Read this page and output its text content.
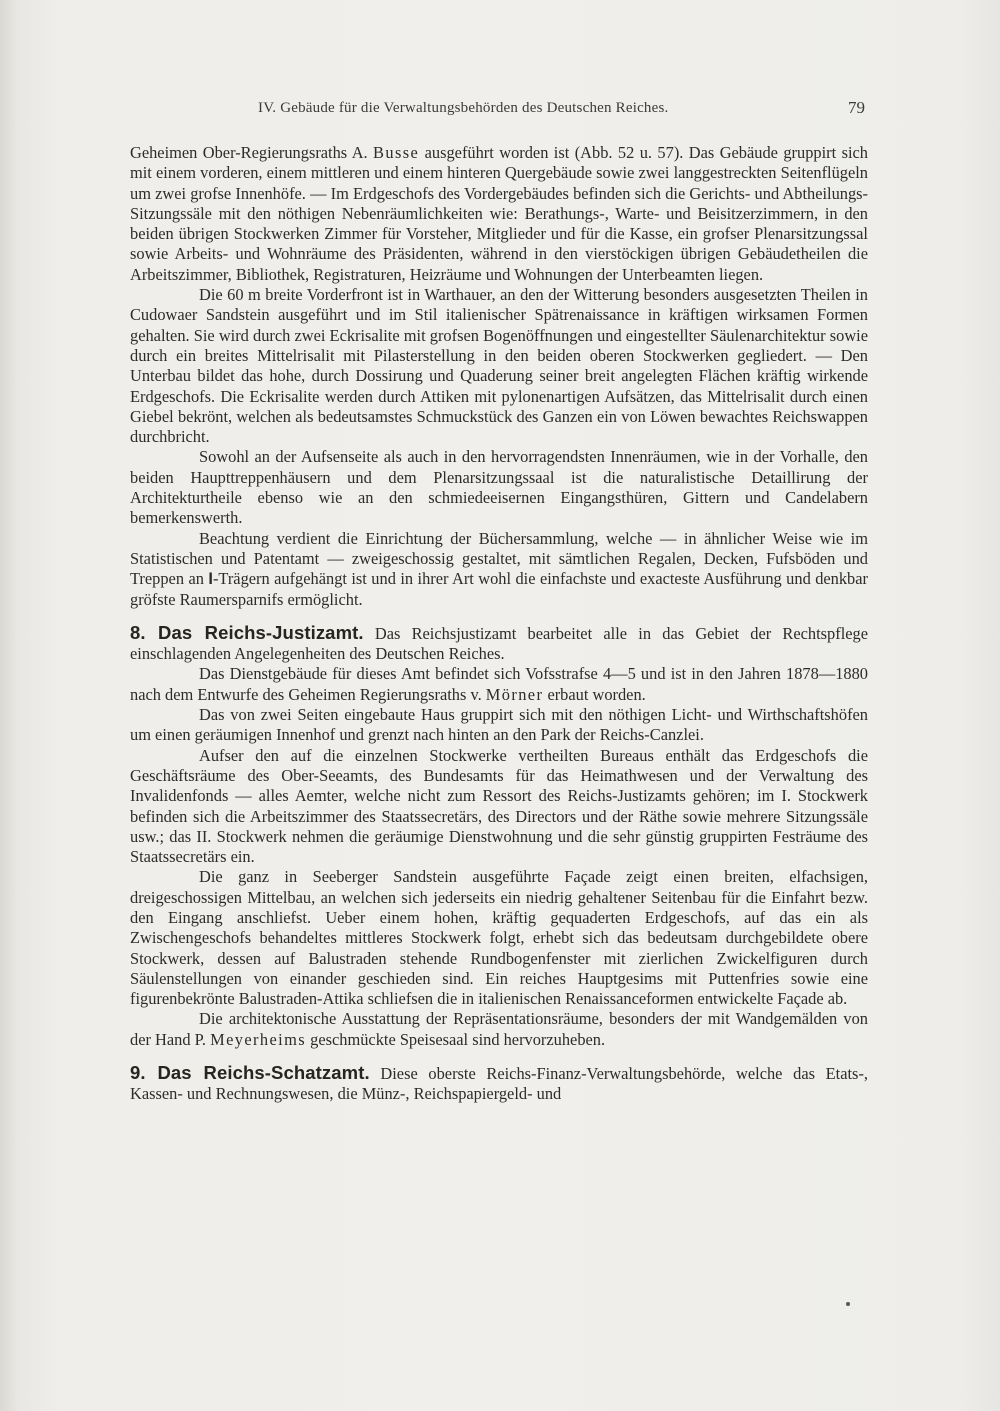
IV. Gebäude für die Verwaltungsbehörden des Deutschen Reiches.	79

Geheimen Ober-Regierungsraths A. Busse ausgeführt worden ist (Abb. 52 u. 57). Das Gebäude gruppirt sich mit einem vorderen, einem mittleren und einem hinteren Quergebäude sowie zwei langgestreckten Seitenflügeln um zwei grofse Innenhöfe. — Im Erdgeschofs des Vordergebäudes befinden sich die Gerichts- und Abtheilungs-Sitzungssäle mit den nöthigen Nebenräumlichkeiten wie: Berathungs-, Warte- und Beisitzerzimmern, in den beiden übrigen Stockwerken Zimmer für Vorsteher, Mitglieder und für die Kasse, ein grofser Plenarsitzungssal sowie Arbeits- und Wohnräume des Präsidenten, während in den vierstöckigen übrigen Gebäudetheilen die Arbeitszimmer, Bibliothek, Registraturen, Heizräume und Wohnungen der Unterbeamten liegen.

Die 60 m breite Vorderfront ist in Warthauer, an den der Witterung besonders ausgesetzten Theilen in Cudowaer Sandstein ausgeführt und im Stil italienischer Spätrenaissance in kräftigen wirksamen Formen gehalten. Sie wird durch zwei Eckrisalite mit grofsen Bogenöffnungen und eingestellter Säulenarchitektur sowie durch ein breites Mittelrisalit mit Pilasterstellung in den beiden oberen Stockwerken gegliedert. — Den Unterbau bildet das hohe, durch Dossirung und Quaderung seiner breit angelegten Flächen kräftig wirkende Erdgeschofs. Die Eckrisalite werden durch Attiken mit pylonenartigen Aufsätzen, das Mittelrisalit durch einen Giebel bekrönt, welchen als bedeutsamstes Schmuckstück des Ganzen ein von Löwen bewachtes Reichswappen durchbricht.

Sowohl an der Aufsenseite als auch in den hervorragendsten Innenräumen, wie in der Vorhalle, den beiden Haupttreppenhäusern und dem Plenarsitzungssaal ist die naturalistische Detaillirung der Architekturtheile ebenso wie an den schmiedeeisernen Eingangsthüren, Gittern und Candelabern bemerkenswerth.

Beachtung verdient die Einrichtung der Büchersammlung, welche — in ähnlicher Weise wie im Statistischen und Patentamt — zweigeschossig gestaltet, mit sämtlichen Regalen, Decken, Fufsböden und Treppen an I-Trägern aufgehängt ist und in ihrer Art wohl die einfachste und exacteste Ausführung und denkbar gröfste Raumersparnifs ermöglicht.

8. Das Reichs-Justizamt. Das Reichsjustizamt bearbeitet alle in das Gebiet der Rechtspflege einschlagenden Angelegenheiten des Deutschen Reiches.

Das Dienstgebäude für dieses Amt befindet sich Vofsstrafse 4—5 und ist in den Jahren 1878—1880 nach dem Entwurfe des Geheimen Regierungsraths v. Mörner erbaut worden.

Das von zwei Seiten eingebaute Haus gruppirt sich mit den nöthigen Licht- und Wirthschaftshöfen um einen geräumigen Innenhof und grenzt nach hinten an den Park der Reichs-Canzlei.

Aufser den auf die einzelnen Stockwerke vertheilten Bureaus enthält das Erdgeschofs die Geschäftsräume des Ober-Seeamts, des Bundesamts für das Heimathwesen und der Verwaltung des Invalidenfonds — alles Aemter, welche nicht zum Ressort des Reichs-Justizamts gehören; im I. Stockwerk befinden sich die Arbeitszimmer des Staatssecretärs, des Directors und der Räthe sowie mehrere Sitzungssäle usw.; das II. Stockwerk nehmen die geräumige Dienstwohnung und die sehr günstig gruppirten Festräume des Staatssecretärs ein.

Die ganz in Seeberger Sandstein ausgeführte Façade zeigt einen breiten, elfachsigen, dreigeschossigen Mittelbau, an welchen sich jederseits ein niedrig gehaltener Seitenbau für die Einfahrt bezw. den Eingang anschliefst. Ueber einem hohen, kräftig gequaderten Erdgeschofs, auf das ein als Zwischengeschofs behandeltes mittleres Stockwerk folgt, erhebt sich das bedeutsam durchgebildete obere Stockwerk, dessen auf Balustraden stehende Rundbogenfenster mit zierlichen Zwickelfiguren durch Säulenstellungen von einander geschieden sind. Ein reiches Hauptgesims mit Puttenfries sowie eine figurenbekrönte Balustraden-Attika schliefsen die in italienischen Renaissanceformen entwickelte Façade ab.

Die architektonische Ausstattung der Repräsentationsräume, besonders der mit Wandgemälden von der Hand P. Meyerheims geschmückte Speisesaal sind hervorzuheben.

9. Das Reichs-Schatzamt. Diese oberste Reichs-Finanz-Verwaltungsbehörde, welche das Etats-, Kassen- und Rechnungswesen, die Münz-, Reichspapiergeld- und
